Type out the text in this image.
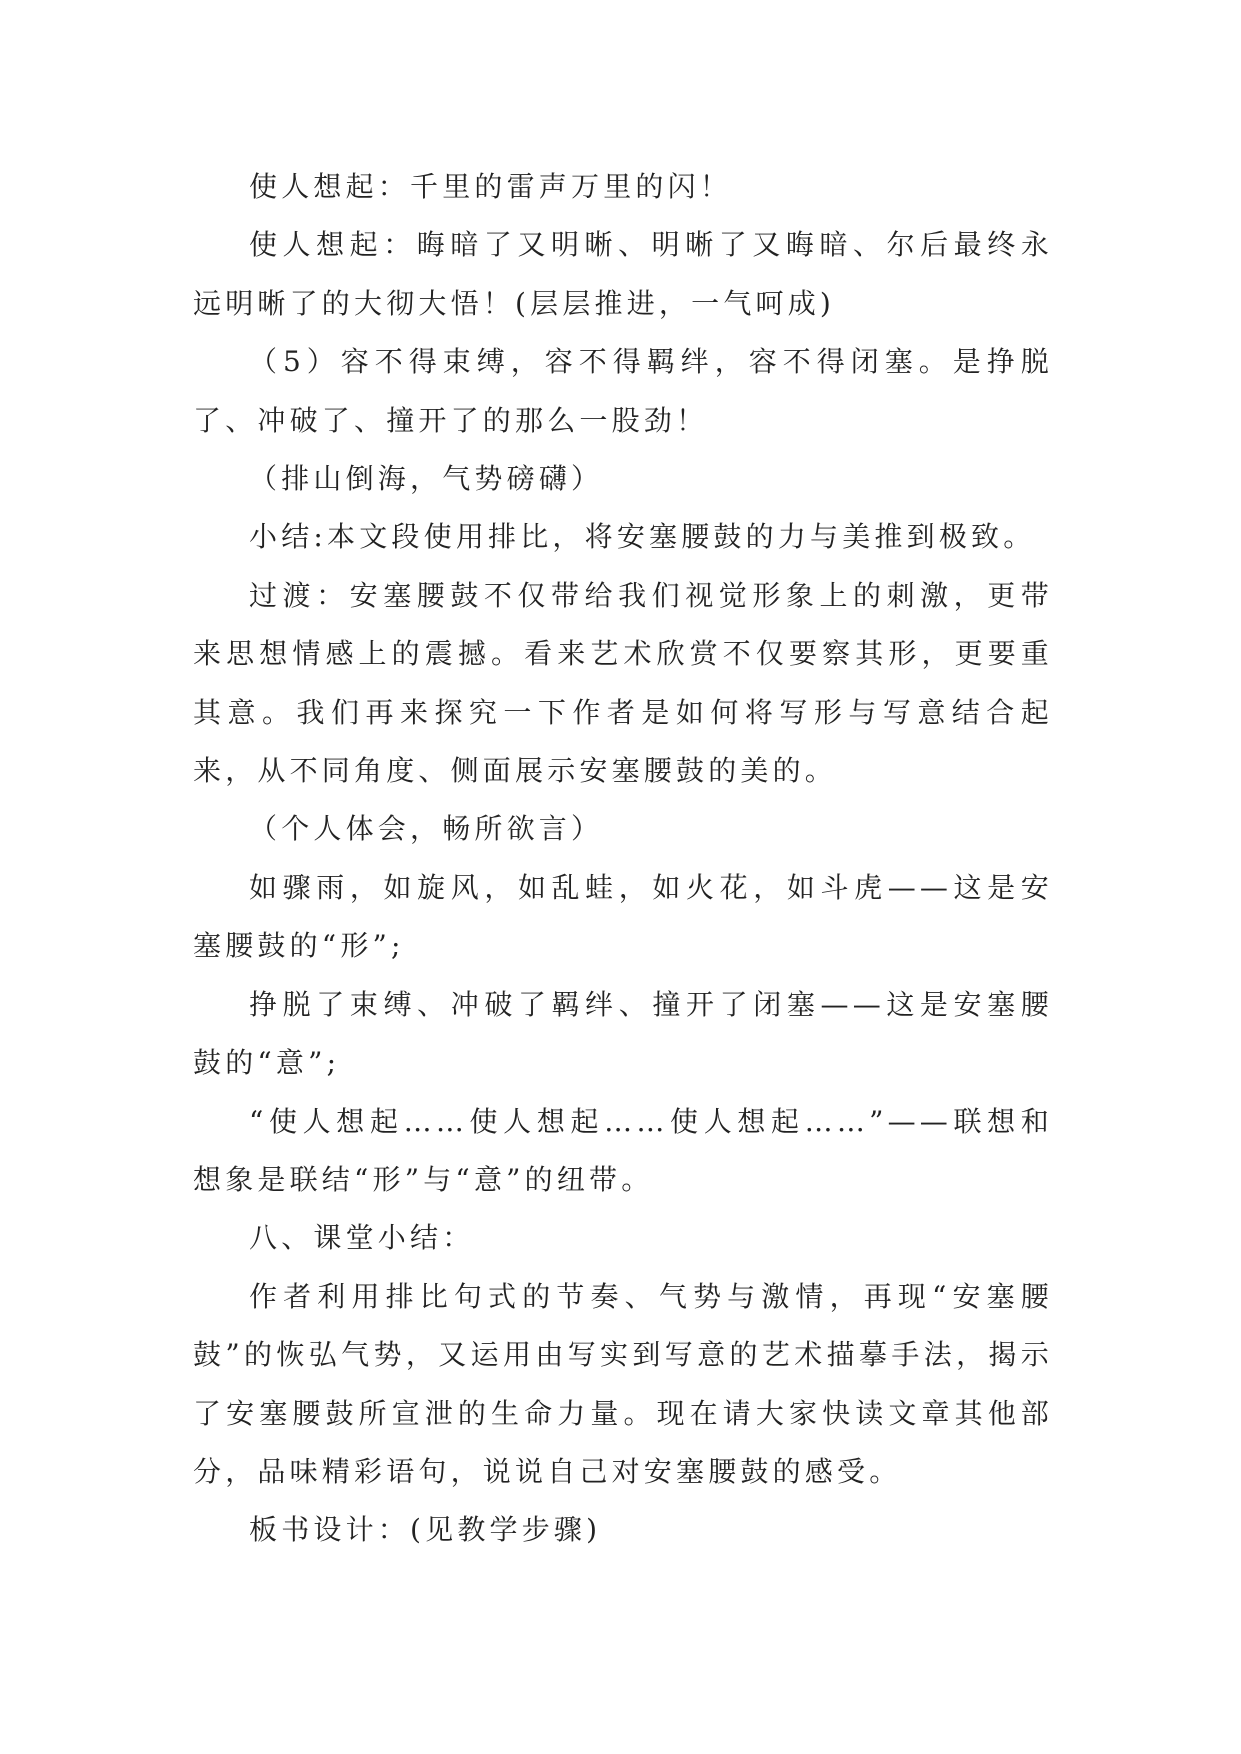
使人想起：千里的雷声万里的闪！

使人想起：晦暗了又明晰、明晰了又晦暗、尔后最终永远明晰了的大彻大悟！(层层推进，一气呵成)

（5）容不得束缚，容不得羁绊，容不得闭塞。是挣脱了、冲破了、撞开了的那么一股劲！

（排山倒海，气势磅礴）

小结:本文段使用排比，将安塞腰鼓的力与美推到极致。

过渡：安塞腰鼓不仅带给我们视觉形象上的刺激，更带来思想情感上的震撼。看来艺术欣赏不仅要察其形，更要重其意。我们再来探究一下作者是如何将写形与写意结合起来，从不同角度、侧面展示安塞腰鼓的美的。

（个人体会，畅所欲言）

如骤雨，如旋风，如乱蛙，如火花，如斗虎——这是安塞腰鼓的“形”;

挣脱了束缚、冲破了羁绊、撞开了闭塞——这是安塞腰鼓的“意”;

“使人想起……使人想起……使人想起……”——联想和想象是联结“形”与“意”的纽带。

八、课堂小结：

作者利用排比句式的节奏、气势与激情，再现“安塞腰鼓”的恢弘气势，又运用由写实到写意的艺术描摹手法，揭示了安塞腰鼓所宣泄的生命力量。现在请大家快读文章其他部分，品味精彩语句，说说自己对安塞腰鼓的感受。

板书设计：(见教学步骤)
